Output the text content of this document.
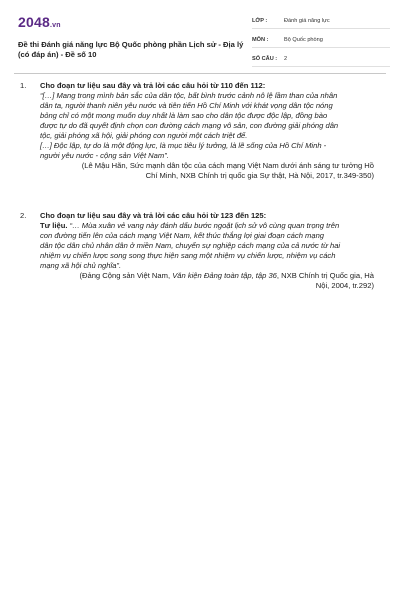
2048.vn
Đề thi Đánh giá năng lực Bộ Quốc phòng phần Lịch sử - Địa lý (có đáp án) - Đề số 10
LỚP :	Đánh giá năng lực
MÔN :	Bộ Quốc phòng
SỐ CÂU :	2
1.	Cho đoạn tư liệu sau đây và trả lời các câu hỏi từ 110 đến 112:
“[…] Mang trong mình bản sắc của dân tộc, bất bình trước cảnh nô lệ lầm than của nhân
dân ta, người thanh niên yêu nước và tiên tiến Hồ Chí Minh với khát vọng dân tộc nóng
bỏng chỉ có một mong muốn duy nhất là làm sao cho dân tộc được độc lập, đồng bào
được tự do đã quyết định chọn con đường cách mạng vô sản, con đường giải phóng dân
tộc, giải phóng xã hội, giải phóng con người một cách triệt để.
[…] Độc lập, tự do là một động lực, là mục tiêu lý tưởng, là lẽ sống của Hồ Chí Minh -
người yêu nước - cộng sản Việt Nam”.
(Lê Mậu Hãn, Sức mạnh dân tộc của cách mạng Việt Nam dưới ánh sáng tư tưởng Hồ
Chí Minh, NXB Chính trị quốc gia Sự thật, Hà Nội, 2017, tr.349-350)
2.	Cho đoạn tư liệu sau đây và trả lời các câu hỏi từ 123 đến 125:
Tư liệu. “… Mùa xuân vẻ vang này đánh dấu bước ngoặt lịch sử vô cùng quan trọng trên
con đường tiến lên của cách mạng Việt Nam, kết thúc thắng lợi giai đoạn cách mạng
dân tộc dân chủ nhân dân ở miền Nam, chuyển sự nghiệp cách mạng của cả nước từ hai
nhiệm vụ chiến lược song song thực hiện sang một nhiệm vụ chiến lược, nhiệm vụ cách
mạng xã hội chủ nghĩa”.
(Đảng Cộng sản Việt Nam, Văn kiện Đảng toàn tập, tập 36, NXB Chính trị Quốc gia, Hà
Nội, 2004, tr.292)
